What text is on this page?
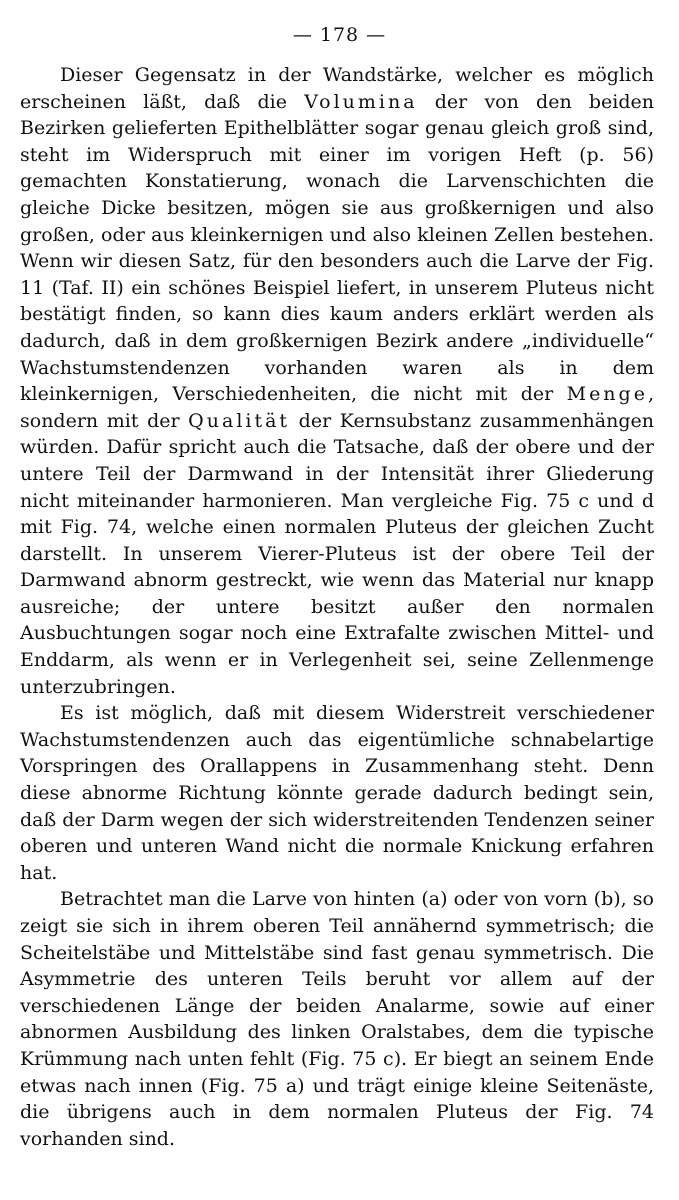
— 178 —

Dieser Gegensatz in der Wandstärke, welcher es möglich erscheinen läßt, daß die Volumina der von den beiden Bezirken gelieferten Epithelblätter sogar genau gleich groß sind, steht im Widerspruch mit einer im vorigen Heft (p. 56) gemachten Konstatierung, wonach die Larvenschichten die gleiche Dicke besitzen, mögen sie aus großkernigen und also großen, oder aus kleinkernigen und also kleinen Zellen bestehen. Wenn wir diesen Satz, für den besonders auch die Larve der Fig. 11 (Taf. II) ein schönes Beispiel liefert, in unserem Pluteus nicht bestätigt finden, so kann dies kaum anders erklärt werden als dadurch, daß in dem großkernigen Bezirk andere „individuelle“ Wachstumstendenzen vorhanden waren als in dem kleinkernigen, Verschiedenheiten, die nicht mit der Menge, sondern mit der Qualität der Kernsubstanz zusammenhängen würden. Dafür spricht auch die Tatsache, daß der obere und der untere Teil der Darmwand in der Intensität ihrer Gliederung nicht miteinander harmonieren. Man vergleiche Fig. 75 c und d mit Fig. 74, welche einen normalen Pluteus der gleichen Zucht darstellt. In unserem Vierer-Pluteus ist der obere Teil der Darmwand abnorm gestreckt, wie wenn das Material nur knapp ausreiche; der untere besitzt außer den normalen Ausbuchtungen sogar noch eine Extrafalte zwischen Mittel- und Enddarm, als wenn er in Verlegenheit sei, seine Zellenmenge unterzubringen.

Es ist möglich, daß mit diesem Widerstreit verschiedener Wachstumstendenzen auch das eigentümliche schnabelartige Vorspringen des Orallappens in Zusammenhang steht. Denn diese abnorme Richtung könnte gerade dadurch bedingt sein, daß der Darm wegen der sich widerstreitenden Tendenzen seiner oberen und unteren Wand nicht die normale Knickung erfahren hat.

Betrachtet man die Larve von hinten (a) oder von vorn (b), so zeigt sie sich in ihrem oberen Teil annähernd symmetrisch; die Scheitelstäbe und Mittelstäbe sind fast genau symmetrisch. Die Asymmetrie des unteren Teils beruht vor allem auf der verschiedenen Länge der beiden Analarme, sowie auf einer abnormen Ausbildung des linken Oralstabes, dem die typische Krümmung nach unten fehlt (Fig. 75 c). Er biegt an seinem Ende etwas nach innen (Fig. 75 a) und trägt einige kleine Seitenäste, die übrigens auch in dem normalen Pluteus der Fig. 74 vorhanden sind.
